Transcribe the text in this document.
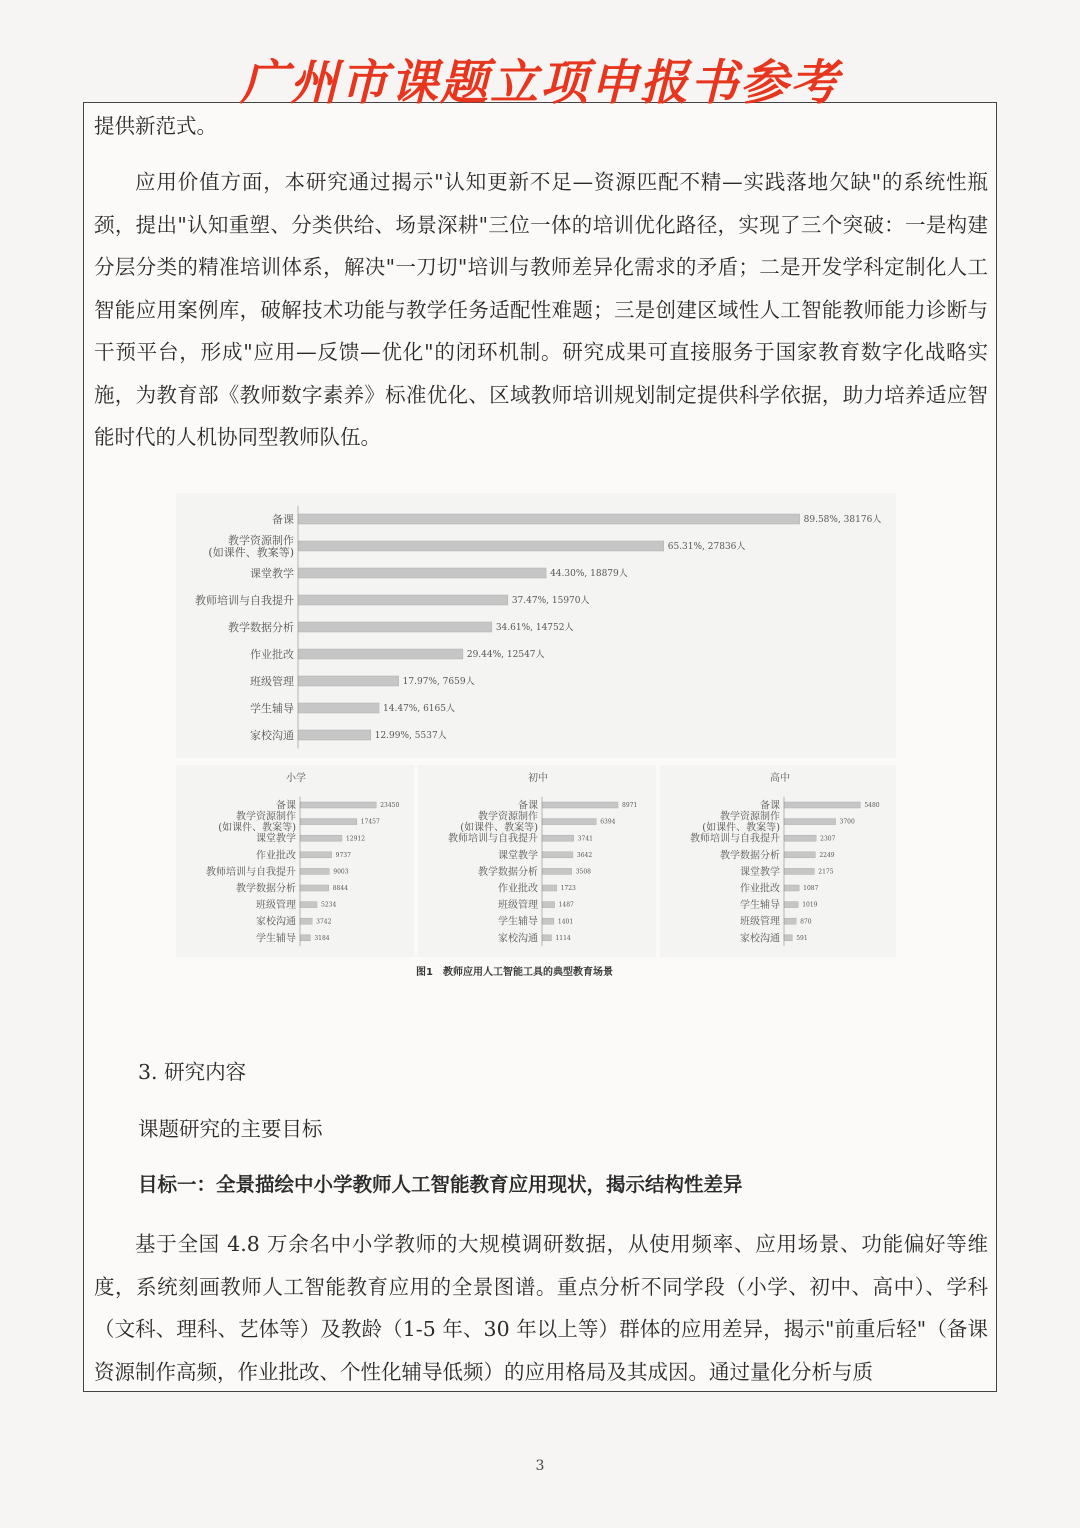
广州市课题立项申报书参考

提供新范式。

应用价值方面，本研究通过揭示"认知更新不足—资源匹配不精—实践落地欠缺"的系统性瓶颈，提出"认知重塑、分类供给、场景深耕"三位一体的培训优化路径，实现了三个突破：一是构建分层分类的精准培训体系，解决"一刀切"培训与教师差异化需求的矛盾；二是开发学科定制化人工智能应用案例库，破解技术功能与教学任务适配性难题；三是创建区域性人工智能教师能力诊断与干预平台，形成"应用—反馈—优化"的闭环机制。研究成果可直接服务于国家教育数字化战略实施，为教育部《教师数字素养》标准优化、区域教师培训规划制定提供科学依据，助力培养适应智能时代的人机协同型教师队伍。

备课	89.58%, 38176人
教学资源制作(如课件、教案等)	65.31%, 27836人
课堂教学	44.30%, 18879人
教师培训与自我提升	37.47%, 15970人
教学数据分析	34.61%, 14752人
作业批改	29.44%, 12547人
班级管理	17.97%, 7659人
学生辅导	14.47%, 6165人
家校沟通	12.99%, 5537人
小学
备课	23450
教学资源制作(如课件、教案等)
17457
课堂教学	12912
作业批改	9737
教师培训与自我提升	9003
教学数据分析	8844
班级管理	5234
家校沟通	3742
学生辅导	3184
初中
备课	8971
教学资源制作(如课件、教案等)
6394
教师培训与自我提升	3741
课堂教学	3642
教学数据分析	3508
作业批改	1723
班级管理	1487
学生辅导	1401
家校沟通	1114
高中
备课	5480
教学资源制作(如课件、教案等)
3700
教师培训与自我提升	2307
教学数据分析	2249
课堂教学	2175
作业批改	1087
学生辅导	1019
班级管理	870
家校沟通	591
图1　教师应用人工智能工具的典型教育场景

3. 研究内容

课题研究的主要目标

目标一：全景描绘中小学教师人工智能教育应用现状，揭示结构性差异

基于全国 4.8 万余名中小学教师的大规模调研数据，从使用频率、应用场景、功能偏好等维度，系统刻画教师人工智能教育应用的全景图谱。重点分析不同学段（小学、初中、高中）、学科（文科、理科、艺体等）及教龄（1-5 年、30 年以上等）群体的应用差异，揭示"前重后轻"（备课资源制作高频，作业批改、个性化辅导低频）的应用格局及其成因。通过量化分析与质

3
